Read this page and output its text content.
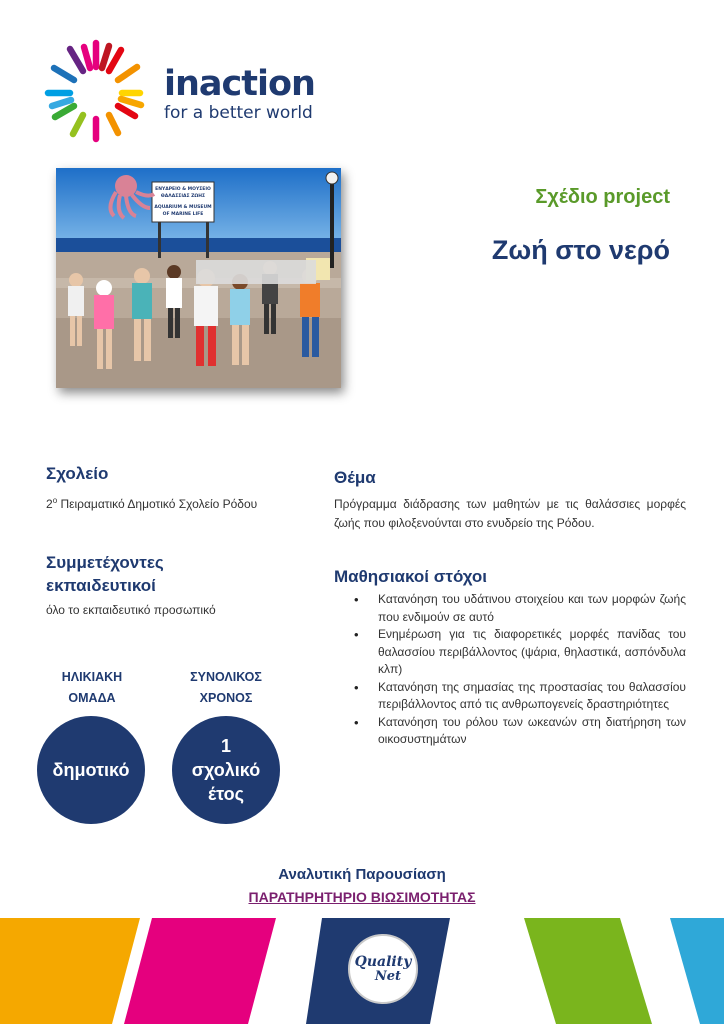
inaction
for a better world
ΕΝΥΔΡΕΙΟ & ΜΟΥΣΕΙΟ
ΘΑΛΑΣΣΙΑΣ ΖΩΗΣ
AQUARIUM & MUSEUM
OF MARINE LIFE
Σχέδιο project
Ζωή στο νερό
Σχολείο
$2^o$ Πειραματικό Δημοτικό Σχολείο Ρόδου
Συμμετέχοντες
εκπαιδευτικοί
όλο το εκπαιδευτικό προσωπικό
Θέμα
Πρόγραμμα διάδρασης των μαθητών με τις θαλάσσιες μορφές ζωής που φιλοξενούνται στο ενυδρείο της Ρόδου.
Μαθησιακοί στόχοι
• Κατανόηση του υδάτινου στοιχείου και των μορφών ζωής που ενδιμούν σε αυτό
• Ενημέρωση για τις διαφορετικές μορφές πανίδας του θαλασσίου περιβάλλοντος (ψάρια, θηλαστικά, ασπόνδυλα κλπ)
• Κατανόηση της σημασίας της προστασίας του θαλασσίου περιβάλλοντος από τις ανθρωπογενείς δραστηριότητες
• Κατανόηση του ρόλου των ωκεανών στη διατήρηση των οικοσυστημάτων
ΗΛΙΚΙΑΚΗ
ΟΜΑΔΑ
δημοτικό
ΣΥΝΟΛΙΚΟΣ
ΧΡΟΝΟΣ
1
σχολικό
έτος
Αναλυτική Παρουσίαση
ΠΑΡΑΤΗΡΗΤΗΡΙΟ ΒΙΩΣΙΜΟΤΗΤΑΣ
Quality
Net
